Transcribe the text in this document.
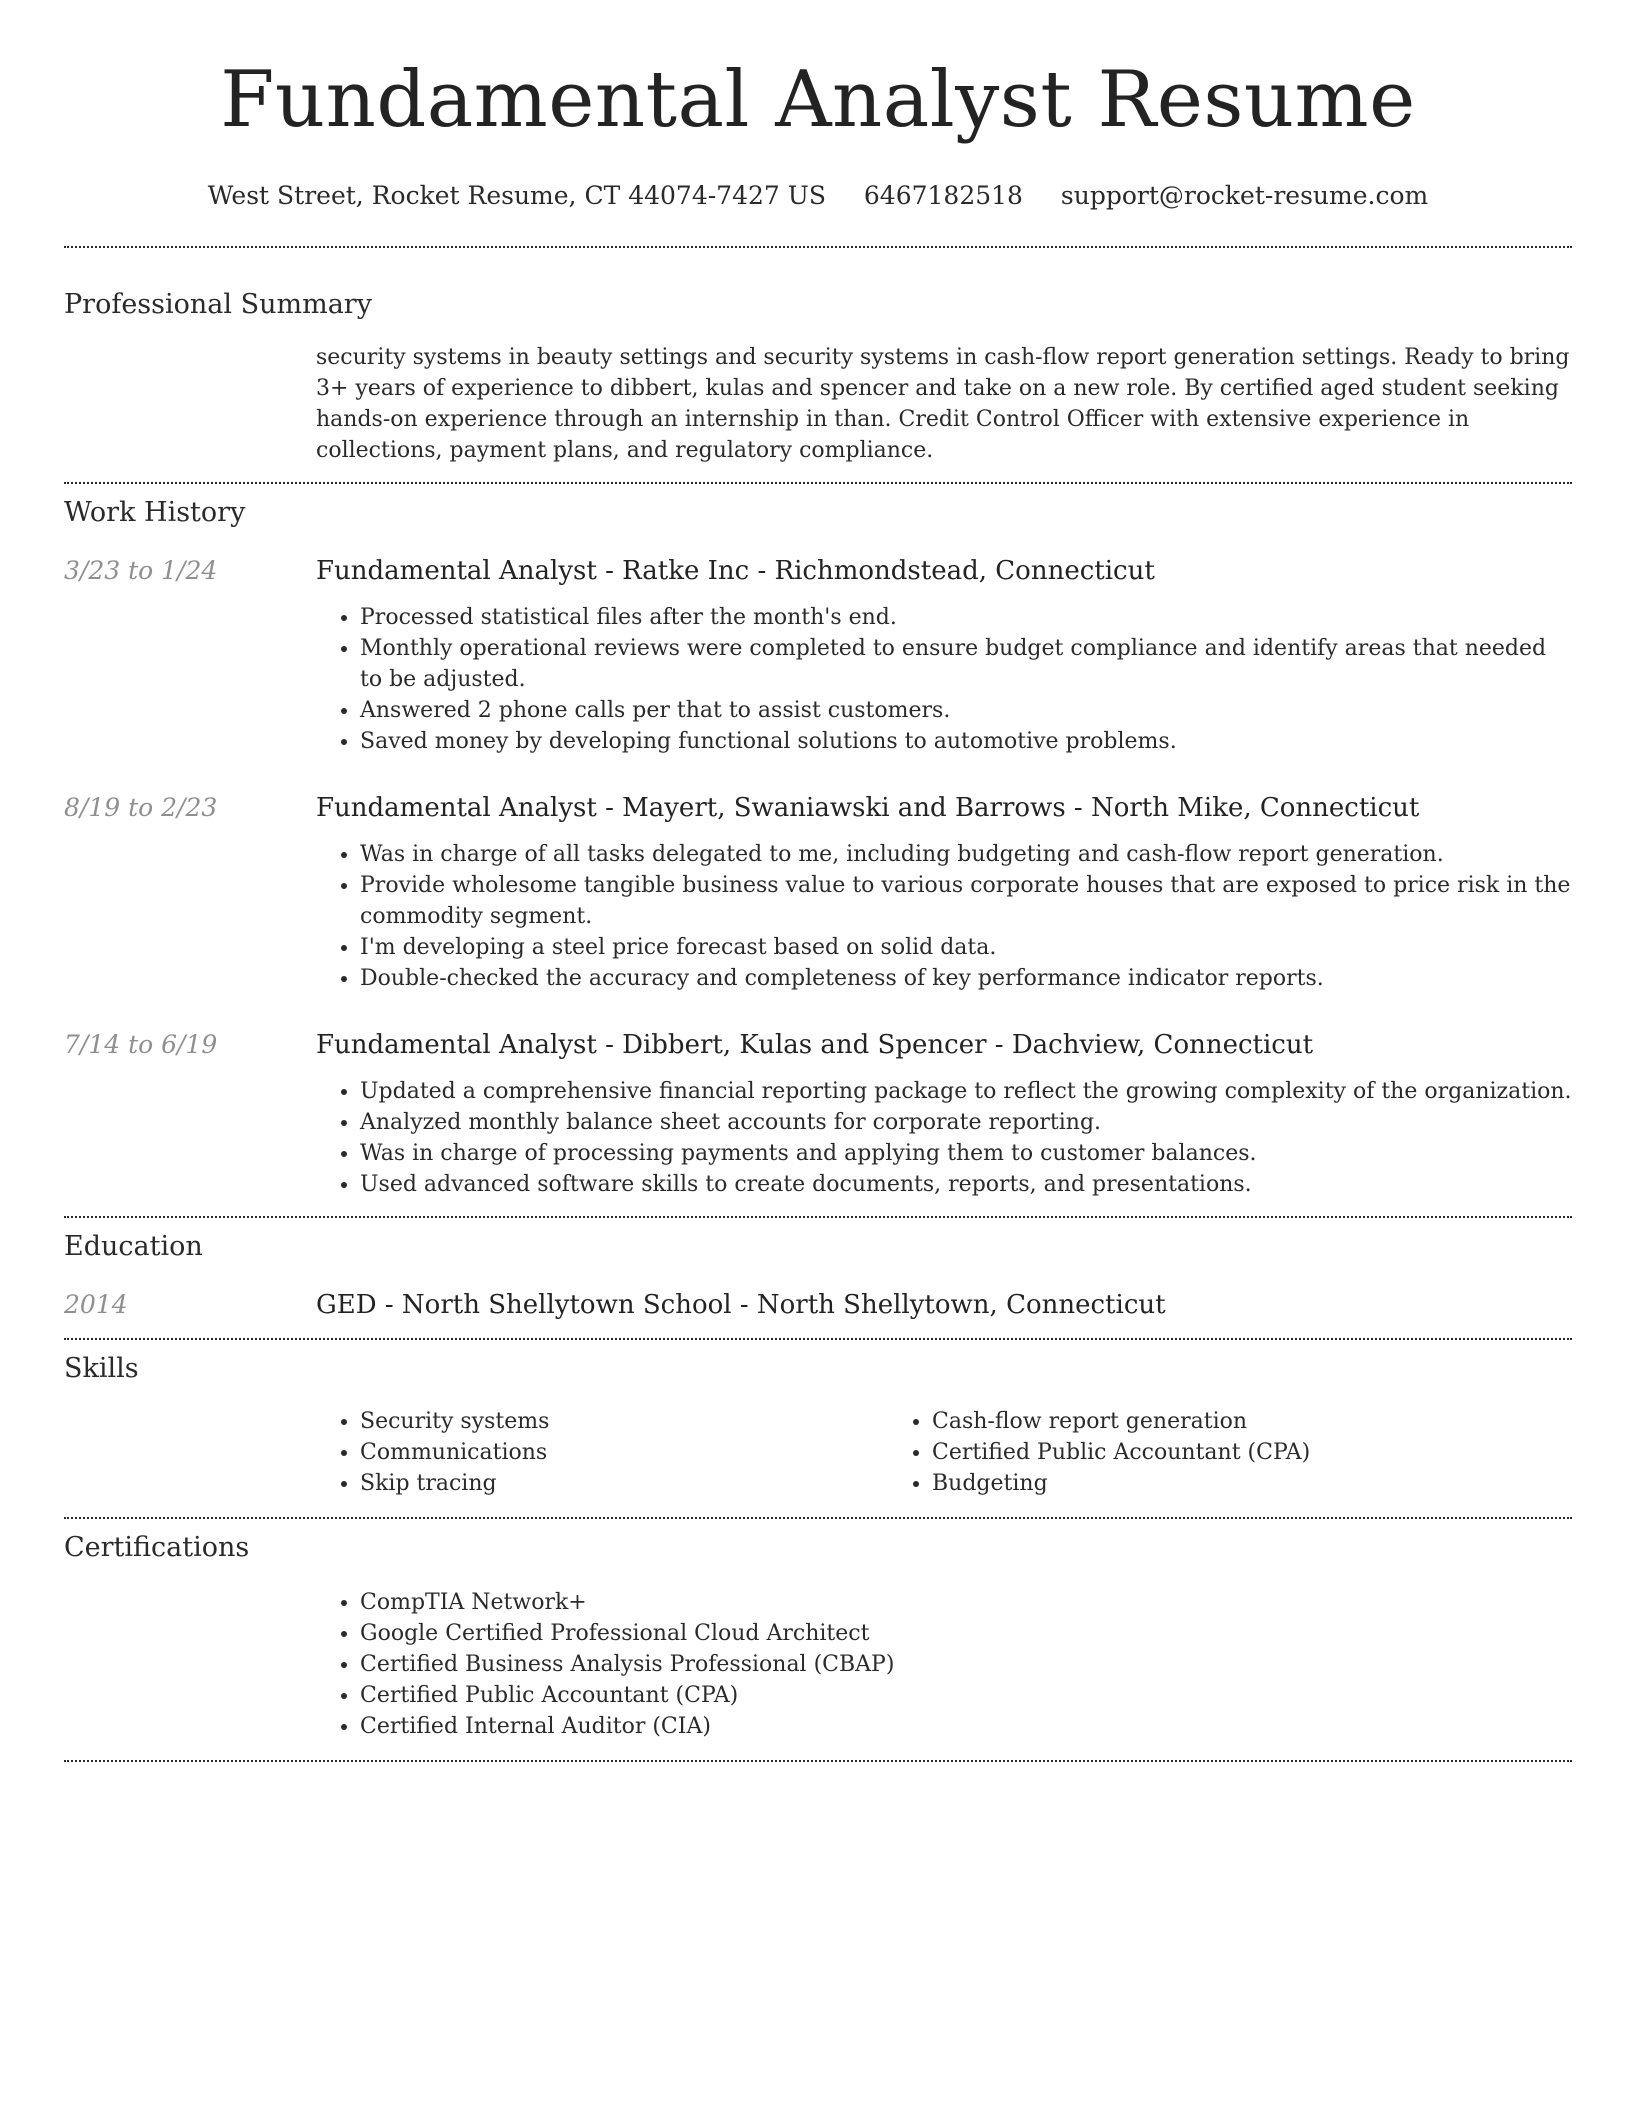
Fundamental Analyst Resume
West Street, Rocket Resume, CT 44074-7427 US 6467182518 support@rocket-resume.com
Professional Summary
security systems in beauty settings and security systems in cash-flow report generation settings. Ready to bring 3+ years of experience to dibbert, kulas and spencer and take on a new role. By certified aged student seeking hands-on experience through an internship in than. Credit Control Officer with extensive experience in collections, payment plans, and regulatory compliance.
Work History
3/23 to 1/24	Fundamental Analyst - Ratke Inc - Richmondstead, Connecticut
• Processed statistical files after the month's end.
• Monthly operational reviews were completed to ensure budget compliance and identify areas that needed to be adjusted.
• Answered 2 phone calls per that to assist customers.
• Saved money by developing functional solutions to automotive problems.
8/19 to 2/23	Fundamental Analyst - Mayert, Swaniawski and Barrows - North Mike, Connecticut
• Was in charge of all tasks delegated to me, including budgeting and cash-flow report generation.
• Provide wholesome tangible business value to various corporate houses that are exposed to price risk in the commodity segment.
• I'm developing a steel price forecast based on solid data.
• Double-checked the accuracy and completeness of key performance indicator reports.
7/14 to 6/19	Fundamental Analyst - Dibbert, Kulas and Spencer - Dachview, Connecticut
• Updated a comprehensive financial reporting package to reflect the growing complexity of the organization.
• Analyzed monthly balance sheet accounts for corporate reporting.
• Was in charge of processing payments and applying them to customer balances.
• Used advanced software skills to create documents, reports, and presentations.
Education
2014	GED - North Shellytown School - North Shellytown, Connecticut
Skills
• Security systems
• Communications
• Skip tracing
• Cash-flow report generation
• Certified Public Accountant (CPA)
• Budgeting
Certifications
• CompTIA Network+
• Google Certified Professional Cloud Architect
• Certified Business Analysis Professional (CBAP)
• Certified Public Accountant (CPA)
• Certified Internal Auditor (CIA)
